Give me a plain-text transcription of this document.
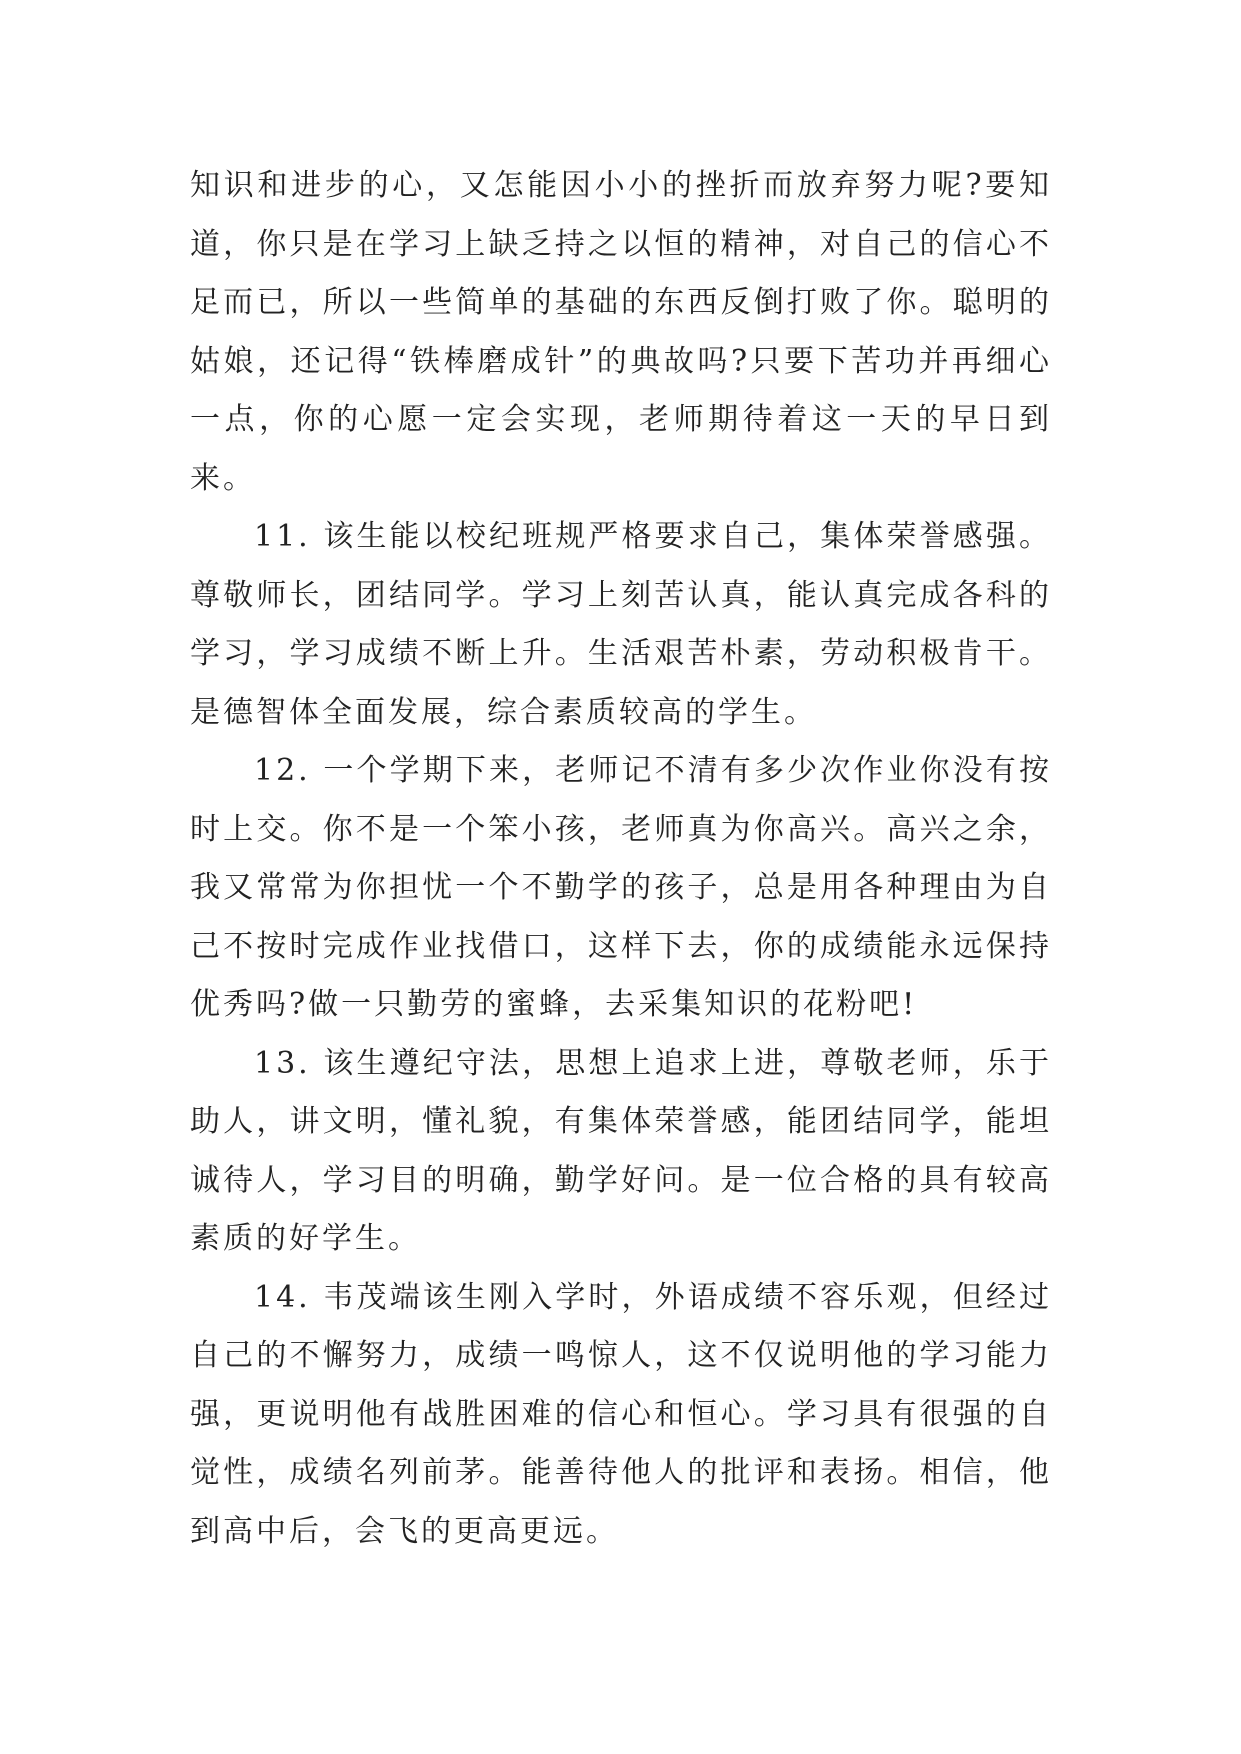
知识和进步的心，又怎能因小小的挫折而放弃努力呢?要知道，你只是在学习上缺乏持之以恒的精神，对自己的信心不足而已，所以一些简单的基础的东西反倒打败了你。聪明的姑娘，还记得“铁棒磨成针”的典故吗?只要下苦功并再细心一点，你的心愿一定会实现，老师期待着这一天的早日到来。

11. 该生能以校纪班规严格要求自己，集体荣誉感强。尊敬师长，团结同学。学习上刻苦认真，能认真完成各科的学习，学习成绩不断上升。生活艰苦朴素，劳动积极肯干。是德智体全面发展，综合素质较高的学生。

12. 一个学期下来，老师记不清有多少次作业你没有按时上交。你不是一个笨小孩，老师真为你高兴。高兴之余，我又常常为你担忧一个不勤学的孩子，总是用各种理由为自己不按时完成作业找借口，这样下去，你的成绩能永远保持优秀吗?做一只勤劳的蜜蜂，去采集知识的花粉吧!

13. 该生遵纪守法，思想上追求上进，尊敬老师，乐于助人，讲文明，懂礼貌，有集体荣誉感，能团结同学，能坦诚待人，学习目的明确，勤学好问。是一位合格的具有较高素质的好学生。

14. 韦茂端该生刚入学时，外语成绩不容乐观，但经过自己的不懈努力，成绩一鸣惊人，这不仅说明他的学习能力强，更说明他有战胜困难的信心和恒心。学习具有很强的自觉性，成绩名列前茅。能善待他人的批评和表扬。相信，他到高中后，会飞的更高更远。
